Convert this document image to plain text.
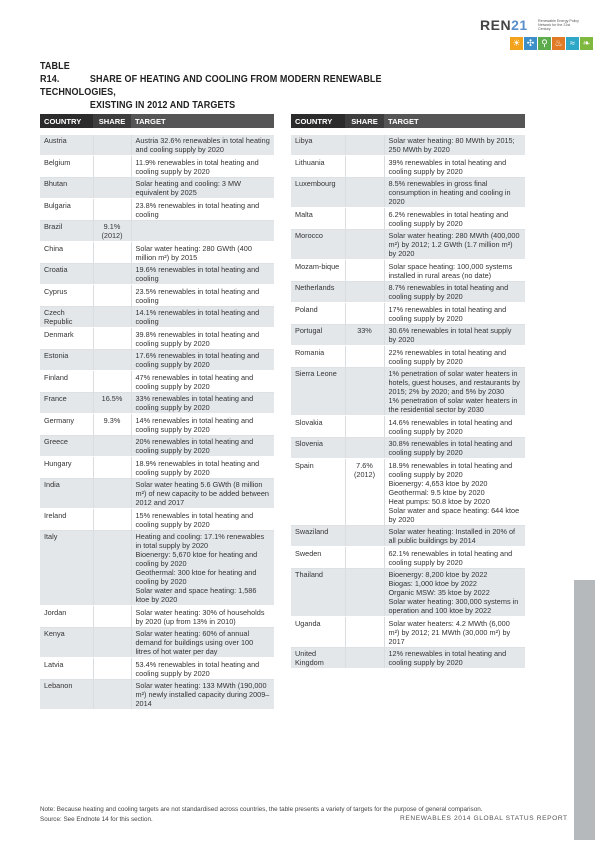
REN21	Renewable Energy Policy Network for the 21st Century
☀ ✣ ⚲ ♨ ≈ ❧
TABLE R14.	SHARE OF HEATING AND COOLING FROM MODERN RENEWABLE TECHNOLOGIES,
EXISTING IN 2012 AND TARGETS
COUNTRY	SHARE	TARGET

Austria		Austria 32.6% renewables in total heating and cooling supply by 2020
Belgium		11.9% renewables in total heating and cooling supply by 2020
Bhutan		Solar heating and cooling: 3 MW equivalent by 2025
Bulgaria		23.8% renewables in total heating and cooling
Brazil	9.1% (2012)	
China		Solar water heating: 280 GWth (400 million m²) by 2015
Croatia		19.6% renewables in total heating and cooling
Cyprus		23.5% renewables in total heating and cooling
Czech Republic		14.1% renewables in total heating and cooling
Denmark		39.8% renewables in total heating and cooling supply by 2020
Estonia		17.6% renewables in total heating and cooling supply by 2020
Finland		47% renewables in total heating and cooling supply by 2020
France	16.5%	33% renewables in total heating and cooling supply by 2020
Germany	9.3%	14% renewables in total heating and cooling supply by 2020
Greece		20% renewables in total heating and cooling supply by 2020
Hungary		18.9% renewables in total heating and cooling supply by 2020
India		Solar water heating 5.6 GWth (8 million m²) of new capacity to be added between 2012 and 2017
Ireland		15% renewables in total heating and cooling supply by 2020
Italy		Heating and cooling: 17.1% renewables in total supply by 2020
Bioenergy: 5,670 ktoe for heating and cooling by 2020
Geothermal: 300 ktoe for heating and cooling by 2020
Solar water and space heating: 1,586 ktoe by 2020
Jordan		Solar water heating: 30% of households by 2020 (up from 13% in 2010)
Kenya		Solar water heating: 60% of annual demand for buildings using over 100 litres of hot water per day
Latvia		53.4% renewables in total heating and cooling supply by 2020
Lebanon		Solar water heating: 133 MWth (190,000 m²) newly installed capacity during 2009–2014
COUNTRY	SHARE	TARGET

Libya		Solar water heating: 80 MWth by 2015; 250 MWth by 2020
Lithuania		39% renewables in total heating and cooling supply by 2020
Luxembourg		8.5% renewables in gross final consumption in heating and cooling in 2020
Malta		6.2% renewables in total heating and cooling supply by 2020
Morocco		Solar water heating: 280 MWth (400,000 m²) by 2012; 1.2 GWth (1.7 million m²) by 2020
Mozam-bique		Solar space heating: 100,000 systems installed in rural areas (no date)
Netherlands		8.7% renewables in total heating and cooling supply by 2020
Poland		17% renewables in total heating and cooling supply by 2020
Portugal	33%	30.6% renewables in total heat supply by 2020
Romania		22% renewables in total heating and cooling supply by 2020
Sierra Leone		1% penetration of solar water heaters in hotels, guest houses, and restaurants by 2015; 2% by 2020; and 5% by 2030
1% penetration of solar water heaters in the residential sector by 2030
Slovakia		14.6% renewables in total heating and cooling supply by 2020
Slovenia		30.8% renewables in total heating and cooling supply by 2020
Spain	7.6% (2012)	18.9% renewables in total heating and cooling supply by 2020
Bioenergy: 4,653 ktoe by 2020
Geothermal: 9.5 ktoe by 2020
Heat pumps: 50.8 ktoe by 2020
Solar water and space heating: 644 ktoe by 2020
Swaziland		Solar water heating: Installed in 20% of all public buildings by 2014
Sweden		62.1% renewables in total heating and cooling supply by 2020
Thailand		Bioenergy: 8,200 ktoe by 2022
Biogas: 1,000 ktoe by 2022
Organic MSW: 35 ktoe by 2022
Solar water heating: 300,000 systems in operation and 100 ktoe by 2022
Uganda		Solar water heaters: 4.2 MWth (6,000 m²) by 2012; 21 MWth (30,000 m²) by 2017
United Kingdom		12% renewables in total heating and cooling supply by 2020
Note: Because heating and cooling targets are not standardised across countries, the table presents a variety of targets for the purpose of general comparison.
Source: See Endnote 14 for this section.	RENEWABLES 2014 GLOBAL STATUS REPORT
